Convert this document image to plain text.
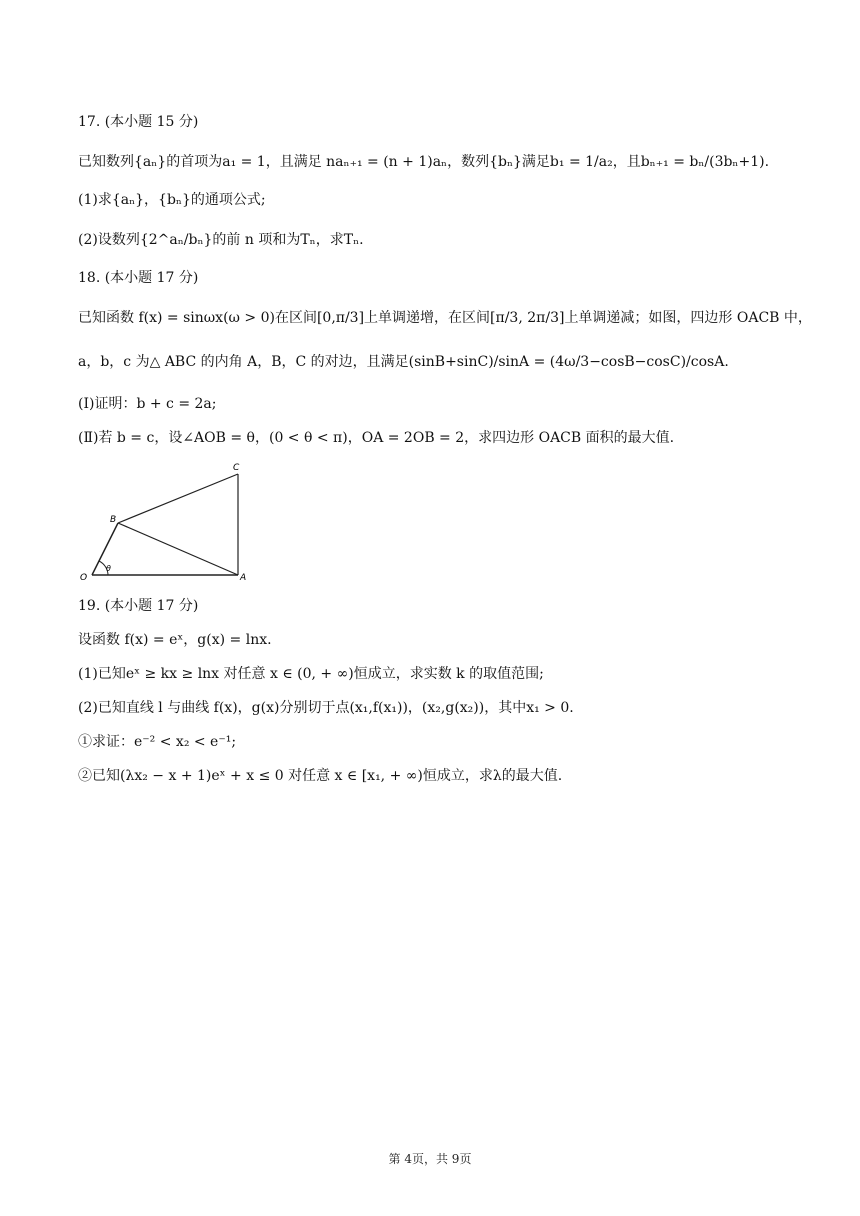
17. (本小题 15 分)
已知数列{aₙ}的首项为a₁ = 1，且满足 naₙ₊₁ = (n + 1)aₙ，数列{bₙ}满足b₁ = 1/a₂，且bₙ₊₁ = bₙ/(3bₙ+1).
(1)求{aₙ}，{bₙ}的通项公式;
(2)设数列{2^aₙ/bₙ}的前 n 项和为Tₙ，求Tₙ.
18. (本小题 17 分)
已知函数 f(x) = sinωx(ω > 0)在区间[0,π/3]上单调递增，在区间[π/3, 2π/3]上单调递减；如图，四边形 OACB 中，
a，b，c 为△ ABC 的内角 A，B，C 的对边，且满足(sinB+sinC)/sinA = (4ω/3−cosB−cosC)/cosA.
(Ⅰ)证明：b + c = 2a;
(Ⅱ)若 b = c，设∠AOB = θ，(0 < θ < π)，OA = 2OB = 2，求四边形 OACB 面积的最大值.
C
B
O
θ
A
19. (本小题 17 分)
设函数 f(x) = eˣ，g(x) = lnx.
(1)已知eˣ ≥ kx ≥ lnx 对任意 x ∈ (0, + ∞)恒成立，求实数 k 的取值范围;
(2)已知直线 l 与曲线 f(x)，g(x)分别切于点(x₁,f(x₁))，(x₂,g(x₂))，其中x₁ > 0.
①求证：e⁻² < x₂ < e⁻¹;
②已知(λx₂ − x + 1)eˣ + x ≤ 0 对任意 x ∈ [x₁, + ∞)恒成立，求λ的最大值.
第 4页，共 9页
